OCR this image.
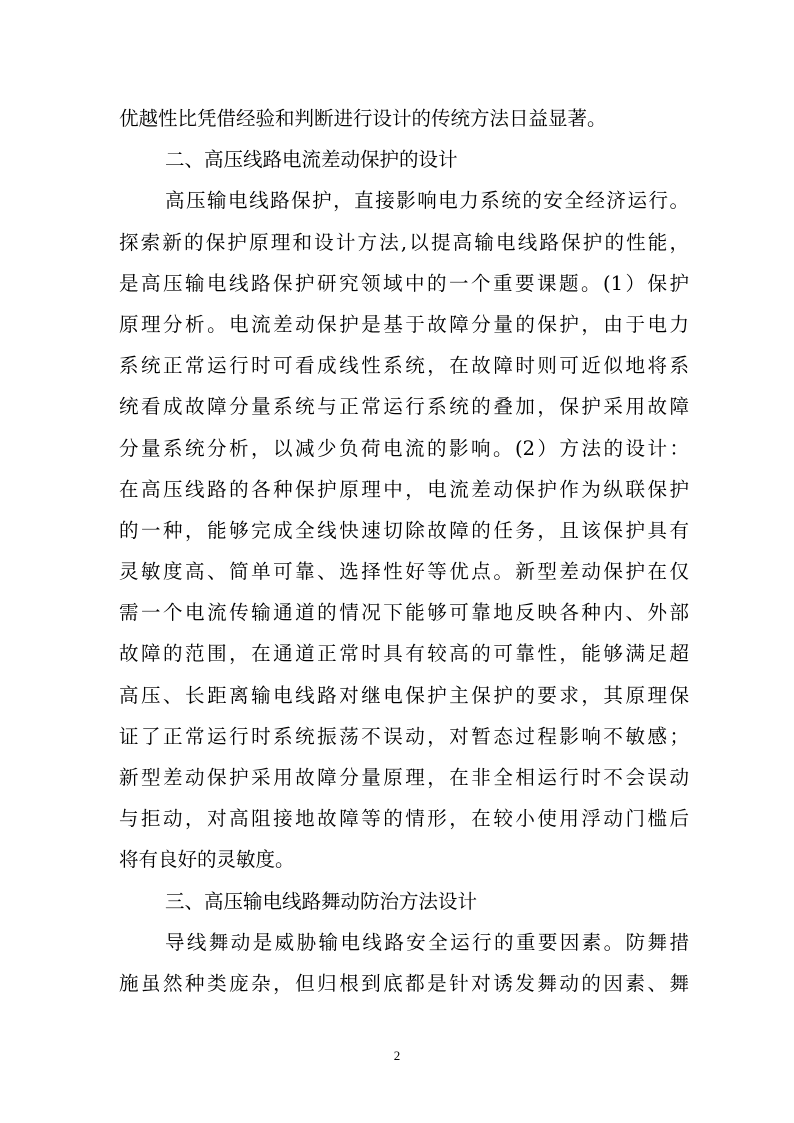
优越性比凭借经验和判断进行设计的传统方法日益显著。
二、高压线路电流差动保护的设计
高压输电线路保护，直接影响电力系统的安全经济运行。
探索新的保护原理和设计方法,以提高输电线路保护的性能，
是高压输电线路保护研究领域中的一个重要课题。(1）保护
原理分析。电流差动保护是基于故障分量的保护，由于电力
系统正常运行时可看成线性系统，在故障时则可近似地将系
统看成故障分量系统与正常运行系统的叠加，保护采用故障
分量系统分析，以减少负荷电流的影响。(2）方法的设计：
在高压线路的各种保护原理中，电流差动保护作为纵联保护
的一种，能够完成全线快速切除故障的任务，且该保护具有
灵敏度高、简单可靠、选择性好等优点。新型差动保护在仅
需一个电流传输通道的情况下能够可靠地反映各种内、外部
故障的范围，在通道正常时具有较高的可靠性，能够满足超
高压、长距离输电线路对继电保护主保护的要求，其原理保
证了正常运行时系统振荡不误动，对暂态过程影响不敏感；
新型差动保护采用故障分量原理，在非全相运行时不会误动
与拒动，对高阻接地故障等的情形，在较小使用浮动门槛后
将有良好的灵敏度。
三、高压输电线路舞动防治方法设计
导线舞动是威胁输电线路安全运行的重要因素。防舞措
施虽然种类庞杂，但归根到底都是针对诱发舞动的因素、舞
2
